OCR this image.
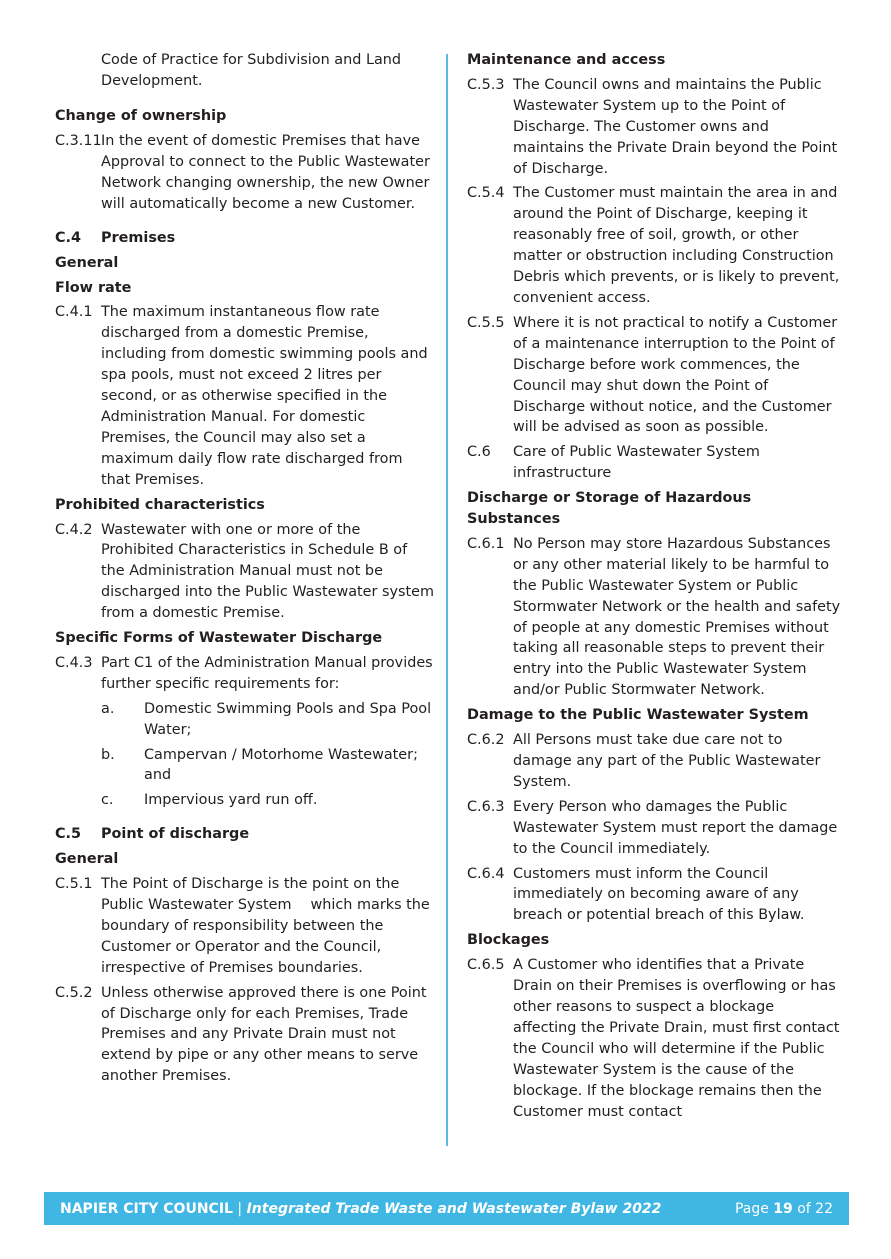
Code of Practice for Subdivision and Land Development.

Change of ownership

C.3.11 In the event of domestic Premises that have Approval to connect to the Public Wastewater Network changing ownership, the new Owner will automatically become a new Customer.
C.4	Premises

General

Flow rate

C.4.1 The maximum instantaneous flow rate discharged from a domestic Premise, including from domestic swimming pools and spa pools, must not exceed 2 litres per second, or as otherwise specified in the Administration Manual. For domestic Premises, the Council may also set a maximum daily flow rate discharged from that Premises.

Prohibited characteristics

C.4.2 Wastewater with one or more of the Prohibited Characteristics in Schedule B of the Administration Manual must not be discharged into the Public Wastewater system from a domestic Premise.

Specific Forms of Wastewater Discharge

C.4.3 Part C1 of the Administration Manual provides further specific requirements for:
a.	Domestic Swimming Pools and Spa Pool Water;
b.	Campervan / Motorhome Wastewater; and
c.	Impervious yard run off.
C.5	Point of discharge

General

C.5.1 The Point of Discharge is the point on the Public Wastewater System  which marks the boundary of responsibility between the Customer or Operator and the Council, irrespective of Premises boundaries.
C.5.2 Unless otherwise approved there is one Point of Discharge only for each Premises, Trade Premises and any Private Drain must not extend by pipe or any other means to serve another Premises.

Maintenance and access

C.5.3 The Council owns and maintains the Public Wastewater System up to the Point of Discharge. The Customer owns and maintains the Private Drain beyond the Point of Discharge.
C.5.4 The Customer must maintain the area in and around the Point of Discharge, keeping it reasonably free of soil, growth, or other matter or obstruction including Construction Debris which prevents, or is likely to prevent, convenient access.
C.5.5 Where it is not practical to notify a Customer of a maintenance interruption to the Point of Discharge before work commences, the Council may shut down the Point of Discharge without notice, and the Customer will be advised as soon as possible.
C.6	Care of Public Wastewater System infrastructure

Discharge or Storage of Hazardous Substances

C.6.1 No Person may store Hazardous Substances or any other material likely to be harmful to the Public Wastewater System or Public Stormwater Network or the health and safety of people at any domestic Premises without taking all reasonable steps to prevent their entry into the Public Wastewater System and/or Public Stormwater Network.

Damage to the Public Wastewater System

C.6.2 All Persons must take due care not to damage any part of the Public Wastewater System.
C.6.3 Every Person who damages the Public Wastewater System must report the damage to the Council immediately.
C.6.4 Customers must inform the Council immediately on becoming aware of any breach or potential breach of this Bylaw.

Blockages

C.6.5 A Customer who identifies that a Private Drain on their Premises is overflowing or has other reasons to suspect a blockage affecting the Private Drain, must first contact the Council who will determine if the Public Wastewater System is the cause of the blockage. If the blockage remains then the Customer must contact
NAPIER CITY COUNCIL | Integrated Trade Waste and Wastewater Bylaw 2022	Page 19 of 22
